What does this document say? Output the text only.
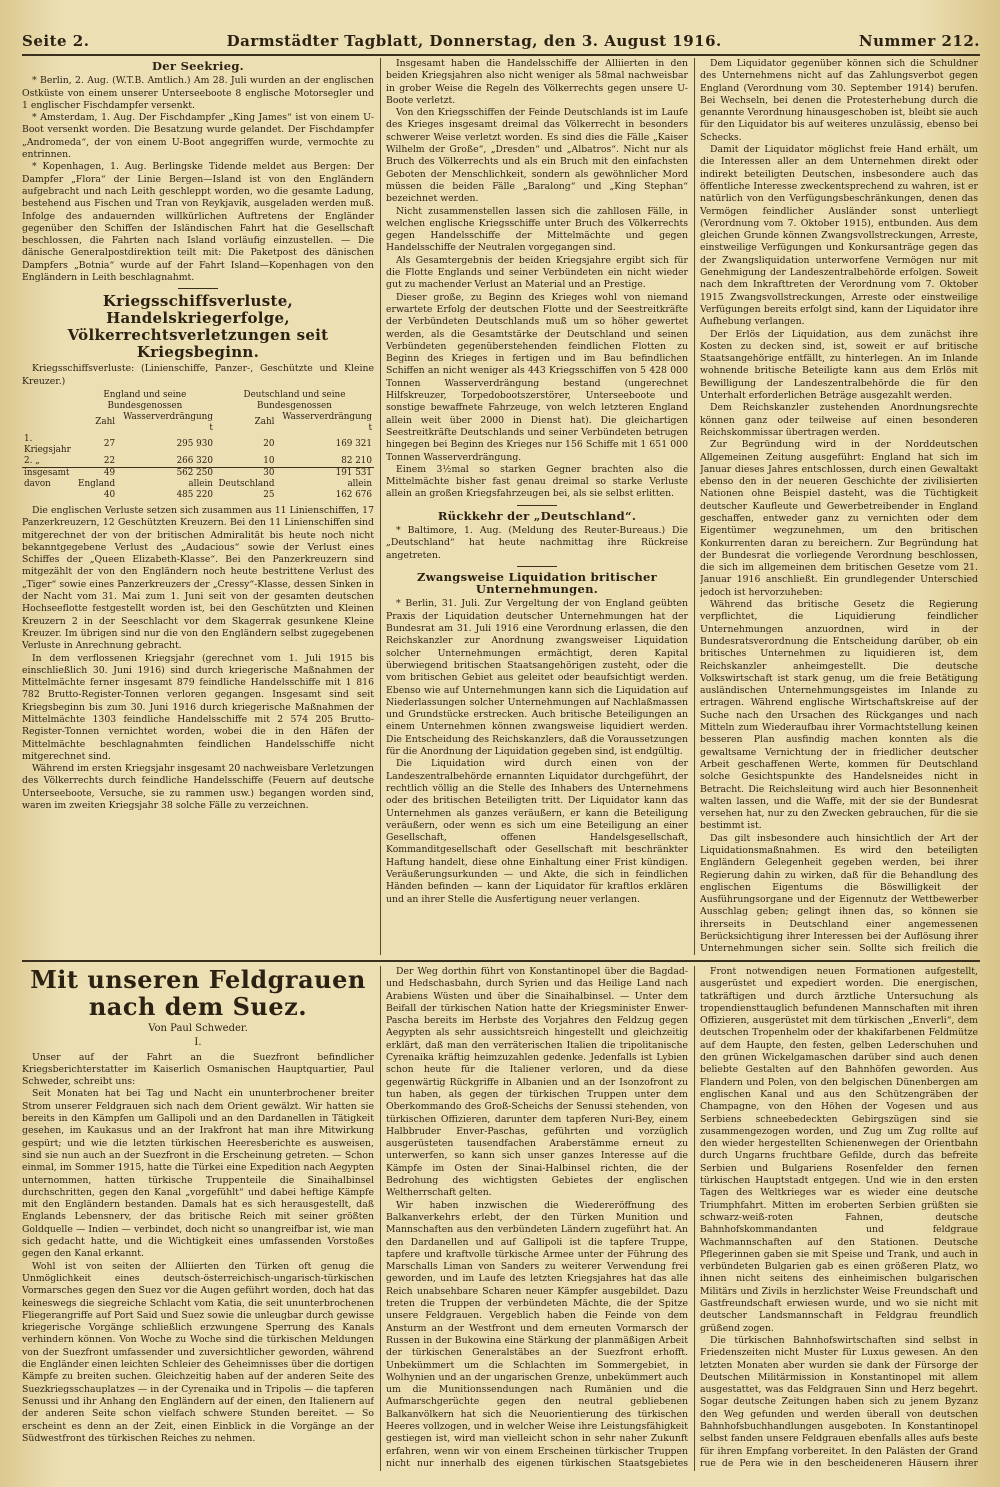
Seite 2.	Darmstädter Tagblatt, Donnerstag, den 3. August 1916.	Nummer 212.
Der Seekrieg.

* Berlin, 2. Aug. (W.T.B. Amtlich.) Am 28. Juli wurden an der englischen Ostküste von einem unserer Unterseeboote 8 englische Motorsegler und 1 englischer Fischdampfer versenkt.

* Amsterdam, 1. Aug. Der Fischdampfer „King James“ ist von einem U-Boot versenkt worden. Die Besatzung wurde gelandet. Der Fischdampfer „Andromeda“, der von einem U-Boot angegriffen wurde, vermochte zu entrinnen.

* Kopenhagen, 1. Aug. Berlingske Tidende meldet aus Bergen: Der Dampfer „Flora“ der Linie Bergen—Island ist von den Engländern aufgebracht und nach Leith geschleppt worden, wo die gesamte Ladung, bestehend aus Fischen und Tran von Reykjavik, ausgeladen werden muß. Infolge des andauernden willkürlichen Auftretens der Engländer gegenüber den Schiffen der Isländischen Fahrt hat die Gesellschaft beschlossen, die Fahrten nach Island vorläufig einzustellen. — Die dänische Generalpostdirektion teilt mit: Die Paketpost des dänischen Dampfers „Botnia“ wurde auf der Fahrt Island—Kopenhagen von den Engländern in Leith beschlagnahmt.

Kriegsschiffsverluste, Handelskriegerfolge, Völkerrechtsverletzungen seit Kriegsbeginn.

Kriegsschiffsverluste: (Linienschiffe, Panzer-, Geschützte und Kleine Kreuzer.)

	England und seine Bundesgenossen		Deutschland und seine Bundesgenossen	
	Zahl	Wasserverdrängung t	Zahl	Wasserverdrängung t
1. Kriegsjahr	27	295 930	20	169 321
2. „	22	266 320	10	82 210
insgesamt	49	562 250	30	191 531
davon	England	allein	Deutschland	allein
	40	485 220	25	162 676

Die englischen Verluste setzen sich zusammen aus 11 Linienschiffen, 17 Panzerkreuzern, 12 Geschützten Kreuzern. Bei den 11 Linienschiffen sind mitgerechnet der von der britischen Admiralität bis heute noch nicht bekanntgegebene Verlust des „Audacious“ sowie der Verlust eines Schiffes der „Queen Elizabeth-Klasse“. Bei den Panzerkreuzern sind mitgezählt der von den Engländern noch heute bestrittene Verlust des „Tiger“ sowie eines Panzerkreuzers der „Cressy“-Klasse, dessen Sinken in der Nacht vom 31. Mai zum 1. Juni seit von der gesamten deutschen Hochseeflotte festgestellt worden ist, bei den Geschützten und Kleinen Kreuzern 2 in der Seeschlacht vor dem Skagerrak gesunkene Kleine Kreuzer. Im übrigen sind nur die von den Engländern selbst zugegebenen Verluste in Anrechnung gebracht.

In dem verflossenen Kriegsjahr (gerechnet vom 1. Juli 1915 bis einschließlich 30. Juni 1916) sind durch kriegerische Maßnahmen der Mittelmächte ferner insgesamt 879 feindliche Handelsschiffe mit 1 816 782 Brutto-Register-Tonnen verloren gegangen. Insgesamt sind seit Kriegsbeginn bis zum 30. Juni 1916 durch kriegerische Maßnahmen der Mittelmächte 1303 feindliche Handelsschiffe mit 2 574 205 Brutto-Register-Tonnen vernichtet worden, wobei die in den Häfen der Mittelmächte beschlagnahmten feindlichen Handelsschiffe nicht mitgerechnet sind.

Während im ersten Kriegsjahr insgesamt 20 nachweisbare Verletzungen des Völkerrechts durch feindliche Handelsschiffe (Feuern auf deutsche Unterseeboote, Versuche, sie zu rammen usw.) begangen worden sind, waren im zweiten Kriegsjahr 38 solche Fälle zu verzeichnen.

Insgesamt haben die Handelsschiffe der Alliierten in den beiden Kriegsjahren also nicht weniger als 58mal nachweisbar in grober Weise die Regeln des Völkerrechts gegen unsere U-Boote verletzt.

Von den Kriegsschiffen der Feinde Deutschlands ist im Laufe des Krieges insgesamt dreimal das Völkerrecht in besonders schwerer Weise verletzt worden. Es sind dies die Fälle „Kaiser Wilhelm der Große“, „Dresden“ und „Albatros“. Nicht nur als Bruch des Völkerrechts und als ein Bruch mit den einfachsten Geboten der Menschlichkeit, sondern als gewöhnlicher Mord müssen die beiden Fälle „Baralong“ und „King Stephan“ bezeichnet werden.

Nicht zusammenstellen lassen sich die zahllosen Fälle, in welchen englische Kriegsschiffe unter Bruch des Völkerrechts gegen Handelsschiffe der Mittelmächte und gegen Handelsschiffe der Neutralen vorgegangen sind.

Als Gesamtergebnis der beiden Kriegsjahre ergibt sich für die Flotte Englands und seiner Verbündeten ein nicht wieder gut zu machender Verlust an Material und an Prestige.

Dieser große, zu Beginn des Krieges wohl von niemand erwartete Erfolg der deutschen Flotte und der Seestreitkräfte der Verbündeten Deutschlands muß um so höher gewertet werden, als die Gesamtstärke der Deutschland und seinen Verbündeten gegenüberstehenden feindlichen Flotten zu Beginn des Krieges in fertigen und im Bau befindlichen Schiffen an nicht weniger als 443 Kriegsschiffen von 5 428 000 Tonnen Wasserverdrängung bestand (ungerechnet Hilfskreuzer, Torpedobootszerstörer, Unterseeboote und sonstige bewaffnete Fahrzeuge, von welch letzteren England allein weit über 2000 in Dienst hat). Die gleichartigen Seestreitkräfte Deutschlands und seiner Verbündeten betrugen hingegen bei Beginn des Krieges nur 156 Schiffe mit 1 651 000 Tonnen Wasserverdrängung.

Einem 3½mal so starken Gegner brachten also die Mittelmächte bisher fast genau dreimal so starke Verluste allein an großen Kriegsfahrzeugen bei, als sie selbst erlitten.

Rückkehr der „Deutschland“.

* Baltimore, 1. Aug. (Meldung des Reuter-Bureaus.) Die „Deutschland“ hat heute nachmittag ihre Rückreise angetreten.

Zwangsweise Liquidation britischer Unternehmungen.

* Berlin, 31. Juli. Zur Vergeltung der von England geübten Praxis der Liquidation deutscher Unternehmungen hat der Bundesrat am 31. Juli 1916 eine Verordnung erlassen, die den Reichskanzler zur Anordnung zwangsweiser Liquidation solcher Unternehmungen ermächtigt, deren Kapital überwiegend britischen Staatsangehörigen zusteht, oder die vom britischen Gebiet aus geleitet oder beaufsichtigt werden. Ebenso wie auf Unternehmungen kann sich die Liquidation auf Niederlassungen solcher Unternehmungen auf Nachlaßmassen und Grundstücke erstrecken. Auch britische Beteiligungen an einem Unternehmen können zwangsweise liquidiert werden. Die Entscheidung des Reichskanzlers, daß die Voraussetzungen für die Anordnung der Liquidation gegeben sind, ist endgültig.

Die Liquidation wird durch einen von der Landeszentralbehörde ernannten Liquidator durchgeführt, der rechtlich völlig an die Stelle des Inhabers des Unternehmens oder des britischen Beteiligten tritt. Der Liquidator kann das Unternehmen als ganzes veräußern, er kann die Beteiligung veräußern, oder wenn es sich um eine Beteiligung an einer Gesellschaft, offenen Handelsgesellschaft, Kommanditgesellschaft oder Gesellschaft mit beschränkter Haftung handelt, diese ohne Einhaltung einer Frist kündigen. Veräußerungsurkunden — und Akte, die sich in feindlichen Händen befinden — kann der Liquidator für kraftlos erklären und an ihrer Stelle die Ausfertigung neuer verlangen.

Dem Liquidator gegenüber können sich die Schuldner des Unternehmens nicht auf das Zahlungsverbot gegen England (Verordnung vom 30. September 1914) berufen. Bei Wechseln, bei denen die Protesterhebung durch die genannte Verordnung hinausgeschoben ist, bleibt sie auch für den Liquidator bis auf weiteres unzulässig, ebenso bei Schecks.

Damit der Liquidator möglichst freie Hand erhält, um die Interessen aller an dem Unternehmen direkt oder indirekt beteiligten Deutschen, insbesondere auch das öffentliche Interesse zweckentsprechend zu wahren, ist er natürlich von den Verfügungsbeschränkungen, denen das Vermögen feindlicher Ausländer sonst unterliegt (Verordnung vom 7. Oktober 1915), entbunden. Aus dem gleichen Grunde können Zwangsvollstreckungen, Arreste, einstweilige Verfügungen und Konkursanträge gegen das der Zwangsliquidation unterworfene Vermögen nur mit Genehmigung der Landeszentralbehörde erfolgen. Soweit nach dem Inkrafttreten der Verordnung vom 7. Oktober 1915 Zwangsvollstreckungen, Arreste oder einstweilige Verfügungen bereits erfolgt sind, kann der Liquidator ihre Aufhebung verlangen.

Der Erlös der Liquidation, aus dem zunächst ihre Kosten zu decken sind, ist, soweit er auf britische Staatsangehörige entfällt, zu hinterlegen. An im Inlande wohnende britische Beteiligte kann aus dem Erlös mit Bewilligung der Landeszentralbehörde die für den Unterhalt erforderlichen Beträge ausgezahlt werden.

Dem Reichskanzler zustehenden Anordnungsrechte können ganz oder teilweise auf einen besonderen Reichskommissar übertragen werden.

Zur Begründung wird in der Norddeutschen Allgemeinen Zeitung ausgeführt: England hat sich im Januar dieses Jahres entschlossen, durch einen Gewaltakt ebenso den in der neueren Geschichte der zivilisierten Nationen ohne Beispiel dasteht, was die Tüchtigkeit deutscher Kaufleute und Gewerbetreibender in England geschaffen, entweder ganz zu vernichten oder dem Eigentümer wegzunehmen, um den britischen Konkurrenten daran zu bereichern. Zur Begründung hat der Bundesrat die vorliegende Verordnung beschlossen, die sich im allgemeinen dem britischen Gesetze vom 21. Januar 1916 anschließt. Ein grundlegender Unterschied jedoch ist hervorzuheben:

Während das britische Gesetz die Regierung verpflichtet, die Liquidierung feindlicher Unternehmungen anzuordnen, wird in der Bundesratsverordnung die Entscheidung darüber, ob ein britisches Unternehmen zu liquidieren ist, dem Reichskanzler anheimgestellt. Die deutsche Volkswirtschaft ist stark genug, um die freie Betätigung ausländischen Unternehmungsgeistes im Inlande zu ertragen. Während englische Wirtschaftskreise auf der Suche nach den Ursachen des Rückganges und nach Mitteln zum Wiederaufbau ihrer Vormachtstellung keinen besseren Plan ausfindig machen konnten als die gewaltsame Vernichtung der in friedlicher deutscher Arbeit geschaffenen Werte, kommen für Deutschland solche Gesichtspunkte des Handelsneides nicht in Betracht. Die Reichsleitung wird auch hier Besonnenheit walten lassen, und die Waffe, mit der sie der Bundesrat versehen hat, nur zu den Zwecken gebrauchen, für die sie bestimmt ist.

Das gilt insbesondere auch hinsichtlich der Art der Liquidationsmaßnahmen. Es wird den beteiligten Engländern Gelegenheit gegeben werden, bei ihrer Regierung dahin zu wirken, daß für die Behandlung des englischen Eigentums die Böswilligkeit der Ausführungsorgane und der Eigennutz der Wettbewerber Ausschlag geben; gelingt ihnen das, so können sie ihrerseits in Deutschland einer angemessenen Berücksichtigung ihrer Interessen bei der Auflösung ihrer Unternehmungen sicher sein. Sollte sich freilich die

Mit unseren Feldgrauen nach dem Suez.
Von Paul Schweder.
I.

Unser auf der Fahrt an die Suezfront befindlicher Kriegsberichterstatter im Kaiserlich Osmanischen Hauptquartier, Paul Schweder, schreibt uns:

Seit Monaten hat bei Tag und Nacht ein ununterbrochener breiter Strom unserer Feldgrauen sich nach dem Orient gewälzt. Wir hatten sie bereits in den Kämpfen um Gallipoli und an den Dardanellen in Tätigkeit gesehen, im Kaukasus und an der Irakfront hat man ihre Mitwirkung gespürt; und wie die letzten türkischen Heeresberichte es ausweisen, sind sie nun auch an der Suezfront in die Erscheinung getreten. — Schon einmal, im Sommer 1915, hatte die Türkei eine Expedition nach Aegypten unternommen, hatten türkische Truppenteile die Sinaihalbinsel durchschritten, gegen den Kanal „vorgefühlt“ und dabei heftige Kämpfe mit den Engländern bestanden. Damals hat es sich herausgestellt, daß Englands Lebensnerv, der das britische Reich mit seiner größten Goldquelle — Indien — verbindet, doch nicht so unangreifbar ist, wie man sich gedacht hatte, und die Wichtigkeit eines umfassenden Vorstoßes gegen den Kanal erkannt.

Wohl ist von seiten der Alliierten den Türken oft genug die Unmöglichkeit eines deutsch-österreichisch-ungarisch-türkischen Vormarsches gegen den Suez vor die Augen geführt worden, doch hat das keineswegs die siegreiche Schlacht vom Katia, die seit ununterbrochenen Fliegerangriffe auf Port Said und Suez sowie die unleugbar durch gewisse kriegerische Vorgänge schließlich erzwungene Sperrung des Kanals verhindern können. Von Woche zu Woche sind die türkischen Meldungen von der Suezfront umfassender und zuversichtlicher geworden, während die Engländer einen leichten Schleier des Geheimnisses über die dortigen Kämpfe zu breiten suchen. Gleichzeitig haben auf der anderen Seite des Suezkriegsschauplatzes — in der Cyrenaika und in Tripolis — die tapferen Senussi und ihr Anhang den Engländern auf der einen, den Italienern auf der anderen Seite schon vielfach schwere Stunden bereitet. — So erscheint es denn an der Zeit, einen Einblick in die Vorgänge an der Südwestfront des türkischen Reiches zu nehmen.

Der Weg dorthin führt von Konstantinopel über die Bagdad- und Hedschasbahn, durch Syrien und das Heilige Land nach Arabiens Wüsten und über die Sinaihalbinsel. — Unter dem Beifall der türkischen Nation hatte der Kriegsminister Enwer-Pascha bereits im Herbste des Vorjahres den Feldzug gegen Aegypten als sehr aussichtsreich hingestellt und gleichzeitig erklärt, daß man den verräterischen Italien die tripolitanische Cyrenaika kräftig heimzuzahlen gedenke. Jedenfalls ist Lybien schon heute für die Italiener verloren, und da diese gegenwärtig Rückgriffe in Albanien und an der Isonzofront zu tun haben, als gegen der türkischen Truppen unter dem Oberkommando des Groß-Scheichs der Senussi stehenden, von türkischen Offizieren, darunter dem tapferen Nuri-Bey, einem Halbbruder Enver-Paschas, geführten und vorzüglich ausgerüsteten tausendfachen Araberstämme erneut zu unterwerfen, so kann sich unser ganzes Interesse auf die Kämpfe im Osten der Sinai-Halbinsel richten, die der Bedrohung des wichtigsten Gebietes der englischen Weltherrschaft gelten.

Wir haben inzwischen die Wiedereröffnung des Balkanverkehrs erlebt, der den Türken Munition und Mannschaften aus den verbündeten Ländern zugeführt hat. An den Dardanellen und auf Gallipoli ist die tapfere Truppe, tapfere und kraftvolle türkische Armee unter der Führung des Marschalls Liman von Sanders zu weiterer Verwendung frei geworden, und im Laufe des letzten Kriegsjahres hat das alle Reich unabsehbare Scharen neuer Kämpfer ausgebildet. Dazu treten die Truppen der verbündeten Mächte, die der Spitze unsere Feldgrauen. Vergeblich haben die Feinde von dem Ansturm an der Westfront und dem erneuten Vormarsch der Russen in der Bukowina eine Stärkung der planmäßigen Arbeit der türkischen Generalstäbes an der Suezfront erhofft. Unbekümmert um die Schlachten im Sommergebiet, in Wolhynien und an der ungarischen Grenze, unbekümmert auch um die Munitionssendungen nach Rumänien und die Aufmarschgerüchte gegen den neutral gebliebenen Balkanvölkern hat sich die Neuorientierung des türkischen Heeres vollzogen, und in welcher Weise ihre Leistungsfähigkeit gestiegen ist, wird man vielleicht schon in sehr naher Zukunft erfahren, wenn wir von einem Erscheinen türkischer Truppen nicht nur innerhalb des eigenen türkischen Staatsgebietes

Front notwendigen neuen Formationen aufgestellt, ausgerüstet und expediert worden. Die energischen, tatkräftigen und durch ärztliche Untersuchung als tropendiensttauglich befundenen Mannschaften mit ihren Offizieren, ausgerüstet mit dem türkischen „Enverli“, dem deutschen Tropenhelm oder der khakifarbenen Feldmütze auf dem Haupte, den festen, gelben Lederschuhen und den grünen Wickelgamaschen darüber sind auch denen beliebte Gestalten auf den Bahnhöfen geworden. Aus Flandern und Polen, von den belgischen Dünenbergen am englischen Kanal und aus den Schützengräben der Champagne, von den Höhen der Vogesen und aus Serbiens schneebedeckten Gebirgszügen sind sie zusammengezogen worden, und Zug um Zug rollte auf den wieder hergestellten Schienenwegen der Orientbahn durch Ungarns fruchtbare Gefilde, durch das befreite Serbien und Bulgariens Rosenfelder den fernen türkischen Hauptstadt entgegen. Und wie in den ersten Tagen des Weltkrieges war es wieder eine deutsche Triumphfahrt. Mitten im eroberten Serbien grüßten sie schwarz-weiß-roten Fahnen, deutsche Bahnhofskommandanten und feldgraue Wachmannschaften auf den Stationen. Deutsche Pflegerinnen gaben sie mit Speise und Trank, und auch in verbündeten Bulgarien gab es einen größeren Platz, wo ihnen nicht seitens des einheimischen bulgarischen Militärs und Zivils in herzlichster Weise Freundschaft und Gastfreundschaft erwiesen wurde, und wo sie nicht mit deutscher Landsmannschaft in Feldgrau freundlich grüßend zogen.

Die türkischen Bahnhofswirtschaften sind selbst in Friedenszeiten nicht Muster für Luxus gewesen. An den letzten Monaten aber wurden sie dank der Fürsorge der Deutschen Militärmission in Konstantinopel mit allem ausgestattet, was das Feldgrauen Sinn und Herz begehrt. Sogar deutsche Zeitungen haben sich zu jenem Byzanz den Weg gefunden und werden überall von deutschen Bahnhofsbuchhandlungen ausgeboten. In Konstantinopel selbst fanden unsere Feldgrauen ebenfalls alles aufs beste für ihren Empfang vorbereitet. In den Palästen der Grand rue de Pera wie in den bescheideneren Häusern ihrer
